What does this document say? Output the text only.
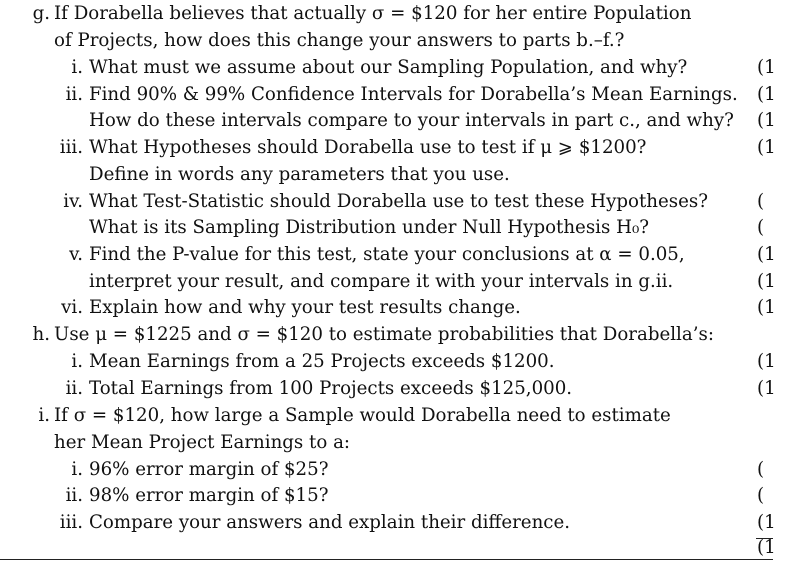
g. If Dorabella believes that actually σ = $120 for her entire Population
of Projects, how does this change your answers to parts b.–f.?
i. What must we assume about our Sampling Population, and why?	(1
ii. Find 90% & 99% Confidence Intervals for Dorabella’s Mean Earnings. (1
How do these intervals compare to your intervals in part c., and why? (1
iii. What Hypotheses should Dorabella use to test if μ ⩾ $1200?	(1
Define in words any parameters that you use.
iv. What Test-Statistic should Dorabella use to test these Hypotheses?	(
What is its Sampling Distribution under Null Hypothesis H₀?	(
v. Find the P-value for this test, state your conclusions at α = 0.05,	(1
interpret your result, and compare it with your intervals in g.ii.	(1
vi. Explain how and why your test results change.	(1
h. Use μ = $1225 and σ = $120 to estimate probabilities that Dorabella’s:
i. Mean Earnings from a 25 Projects exceeds $1200.	(1
ii. Total Earnings from 100 Projects exceeds $125,000.	(1
i. If σ = $120, how large a Sample would Dorabella need to estimate
her Mean Project Earnings to a:
i. 96% error margin of $25?	(
ii. 98% error margin of $15?	(
iii. Compare your answers and explain their difference.	(1
(1
